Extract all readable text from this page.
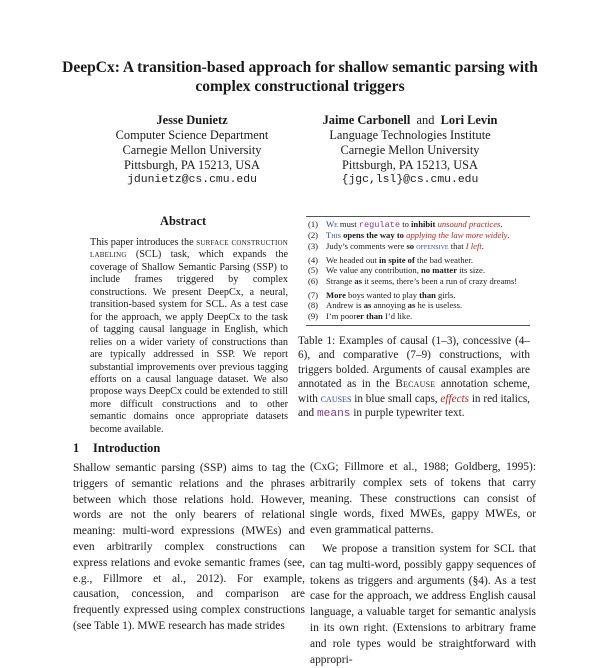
DeepCx: A transition-based approach for shallow semantic parsing with complex constructional triggers
Jesse Dunietz
Computer Science Department
Carnegie Mellon University
Pittsburgh, PA 15213, USA
jdunietz@cs.cmu.edu
Jaime Carbonell and Lori Levin
Language Technologies Institute
Carnegie Mellon University
Pittsburgh, PA 15213, USA
{jgc,lsl}@cs.cmu.edu
Abstract
This paper introduces the surface construction labeling (SCL) task, which expands the coverage of Shallow Semantic Parsing (SSP) to include frames triggered by complex constructions. We present DeepCx, a neural, transition-based system for SCL. As a test case for the approach, we apply DeepCx to the task of tagging causal language in English, which relies on a wider variety of constructions than are typically addressed in SSP. We report substantial improvements over previous tagging efforts on a causal language dataset. We also propose ways DeepCx could be extended to still more difficult constructions and to other semantic domains once appropriate datasets become available.
1 Introduction
Shallow semantic parsing (SSP) aims to tag the triggers of semantic relations and the phrases between which those relations hold. However, words are not the only bearers of relational meaning: multi-word expressions (MWEs) and even arbitrarily complex constructions can express relations and evoke semantic frames (see, e.g., Fillmore et al., 2012). For example, causation, concession, and comparison are frequently expressed using complex constructions (see Table 1). MWE research has made strides
(1) We must regulate to inhibit unsound practices.
(2) This opens the way to applying the law more widely.
(3) Judy’s comments were so offensive that I left.
(4) We headed out in spite of the bad weather.
(5) We value any contribution, no matter its size.
(6) Strange as it seems, there’s been a run of crazy dreams!
(7) More boys wanted to play than girls.
(8) Andrew is as annoying as he is useless.
(9) I’m poorer than I’d like.
Table 1: Examples of causal (1–3), concessive (4–6), and comparative (7–9) constructions, with triggers bolded. Arguments of causal examples are annotated as in the Because annotation scheme, with causes in blue small caps, effects in red italics, and means in purple typewriter text.

(CxG; Fillmore et al., 1988; Goldberg, 1995): arbitrarily complex sets of tokens that carry meaning. These constructions can consist of single words, fixed MWEs, gappy MWEs, or even grammatical patterns.

We propose a transition system for SCL that can tag multi-word, possibly gappy sequences of tokens as triggers and arguments (§4). As a test case for the approach, we address English causal language, a valuable target for semantic analysis in its own right. (Extensions to arbitrary frame and role types would be straightforward with appropri-
